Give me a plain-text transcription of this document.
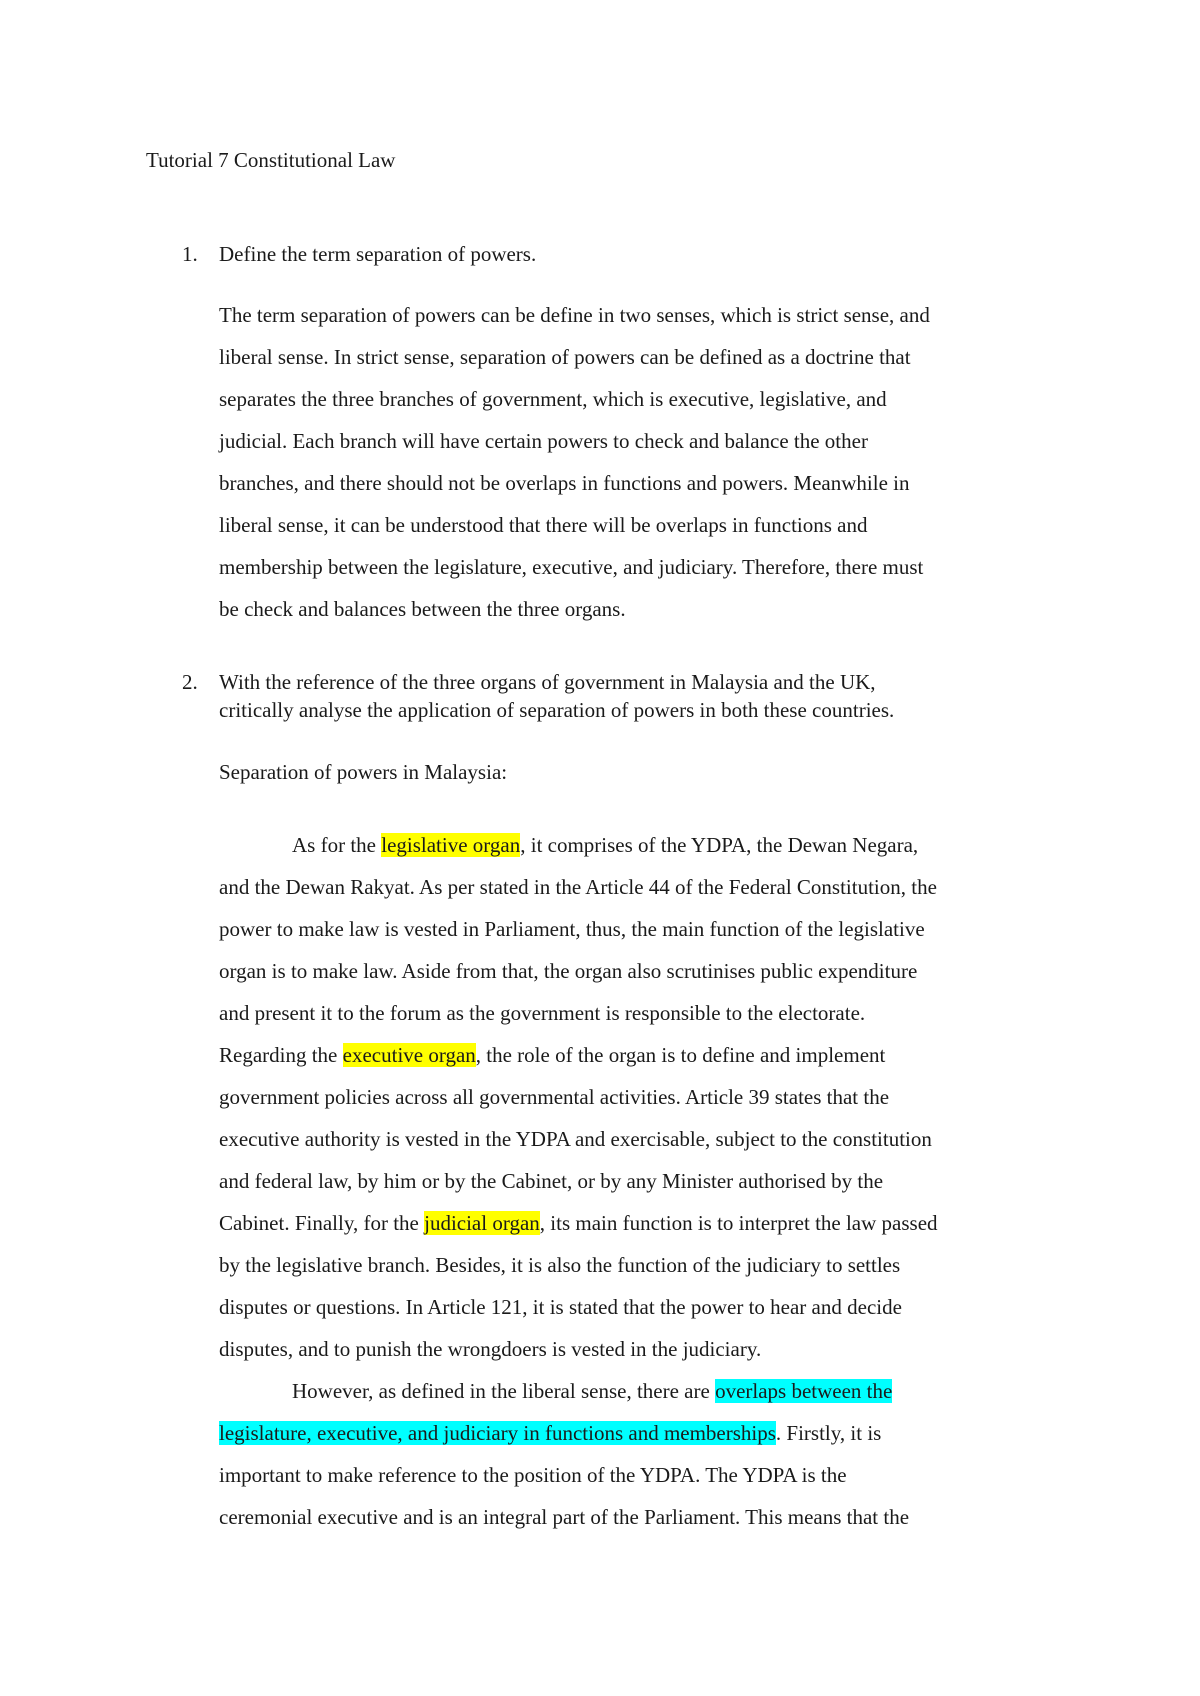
Tutorial 7 Constitutional Law
1. Define the term separation of powers.
The term separation of powers can be define in two senses, which is strict sense, and
liberal sense. In strict sense, separation of powers can be defined as a doctrine that
separates the three branches of government, which is executive, legislative, and
judicial. Each branch will have certain powers to check and balance the other
branches, and there should not be overlaps in functions and powers. Meanwhile in
liberal sense, it can be understood that there will be overlaps in functions and
membership between the legislature, executive, and judiciary. Therefore, there must
be check and balances between the three organs.
2. With the reference of the three organs of government in Malaysia and the UK,
critically analyse the application of separation of powers in both these countries.
Separation of powers in Malaysia:
As for the legislative organ, it comprises of the YDPA, the Dewan Negara,
and the Dewan Rakyat. As per stated in the Article 44 of the Federal Constitution, the
power to make law is vested in Parliament, thus, the main function of the legislative
organ is to make law. Aside from that, the organ also scrutinises public expenditure
and present it to the forum as the government is responsible to the electorate.
Regarding the executive organ, the role of the organ is to define and implement
government policies across all governmental activities. Article 39 states that the
executive authority is vested in the YDPA and exercisable, subject to the constitution
and federal law, by him or by the Cabinet, or by any Minister authorised by the
Cabinet. Finally, for the judicial organ, its main function is to interpret the law passed
by the legislative branch. Besides, it is also the function of the judiciary to settles
disputes or questions. In Article 121, it is stated that the power to hear and decide
disputes, and to punish the wrongdoers is vested in the judiciary.
However, as defined in the liberal sense, there are overlaps between the
legislature, executive, and judiciary in functions and memberships. Firstly, it is
important to make reference to the position of the YDPA. The YDPA is the
ceremonial executive and is an integral part of the Parliament. This means that the
